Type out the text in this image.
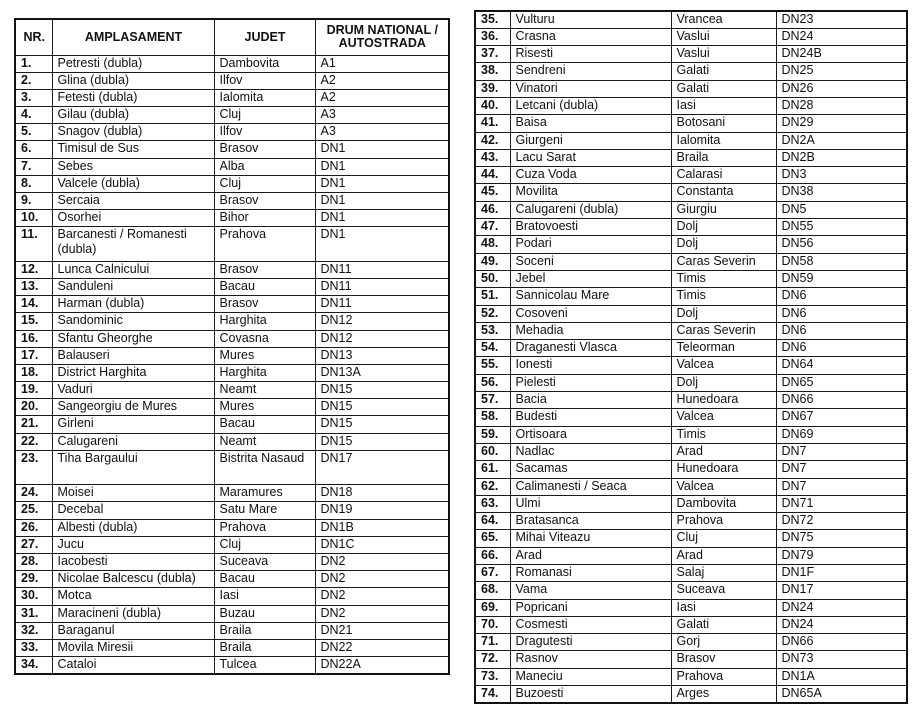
NR.	AMPLASAMENT	JUDET	DRUM NATIONAL / AUTOSTRADA
1.	Petresti (dubla)	Dambovita	A1
2.	Glina (dubla)	Ilfov	A2
3.	Fetesti (dubla)	Ialomita	A2
4.	Gilau (dubla)	Cluj	A3
5.	Snagov (dubla)	Ilfov	A3
6.	Timisul de Sus	Brasov	DN1
7.	Sebes	Alba	DN1
8.	Valcele (dubla)	Cluj	DN1
9.	Sercaia	Brasov	DN1
10.	Osorhei	Bihor	DN1
11.	Barcanesti / Romanesti (dubla)	Prahova	DN1
12.	Lunca Calnicului	Brasov	DN11
13.	Sanduleni	Bacau	DN11
14.	Harman (dubla)	Brasov	DN11
15.	Sandominic	Harghita	DN12
16.	Sfantu Gheorghe	Covasna	DN12
17.	Balauseri	Mures	DN13
18.	District Harghita	Harghita	DN13A
19.	Vaduri	Neamt	DN15
20.	Sangeorgiu de Mures	Mures	DN15
21.	Girleni	Bacau	DN15
22.	Calugareni	Neamt	DN15
23.	Tiha Bargaului	Bistrita Nasaud	DN17
24.	Moisei	Maramures	DN18
25.	Decebal	Satu Mare	DN19
26.	Albesti (dubla)	Prahova	DN1B
27.	Jucu	Cluj	DN1C
28.	Iacobesti	Suceava	DN2
29.	Nicolae Balcescu (dubla)	Bacau	DN2
30.	Motca	Iasi	DN2
31.	Maracineni (dubla)	Buzau	DN2
32.	Baraganul	Braila	DN21
33.	Movila Miresii	Braila	DN22
34.	Cataloi	Tulcea	DN22A
35.	Vulturu	Vrancea	DN23
36.	Crasna	Vaslui	DN24
37.	Risesti	Vaslui	DN24B
38.	Sendreni	Galati	DN25
39.	Vinatori	Galati	DN26
40.	Letcani (dubla)	Iasi	DN28
41.	Baisa	Botosani	DN29
42.	Giurgeni	Ialomita	DN2A
43.	Lacu Sarat	Braila	DN2B
44.	Cuza Voda	Calarasi	DN3
45.	Movilita	Constanta	DN38
46.	Calugareni (dubla)	Giurgiu	DN5
47.	Bratovoesti	Dolj	DN55
48.	Podari	Dolj	DN56
49.	Soceni	Caras Severin	DN58
50.	Jebel	Timis	DN59
51.	Sannicolau Mare	Timis	DN6
52.	Cosoveni	Dolj	DN6
53.	Mehadia	Caras Severin	DN6
54.	Draganesti Vlasca	Teleorman	DN6
55.	Ionesti	Valcea	DN64
56.	Pielesti	Dolj	DN65
57.	Bacia	Hunedoara	DN66
58.	Budesti	Valcea	DN67
59.	Ortisoara	Timis	DN69
60.	Nadlac	Arad	DN7
61.	Sacamas	Hunedoara	DN7
62.	Calimanesti / Seaca	Valcea	DN7
63.	Ulmi	Dambovita	DN71
64.	Bratasanca	Prahova	DN72
65.	Mihai Viteazu	Cluj	DN75
66.	Arad	Arad	DN79
67.	Romanasi	Salaj	DN1F
68.	Vama	Suceava	DN17
69.	Popricani	Iasi	DN24
70.	Cosmesti	Galati	DN24
71.	Dragutesti	Gorj	DN66
72.	Rasnov	Brasov	DN73
73.	Maneciu	Prahova	DN1A
74.	Buzoesti	Arges	DN65A
